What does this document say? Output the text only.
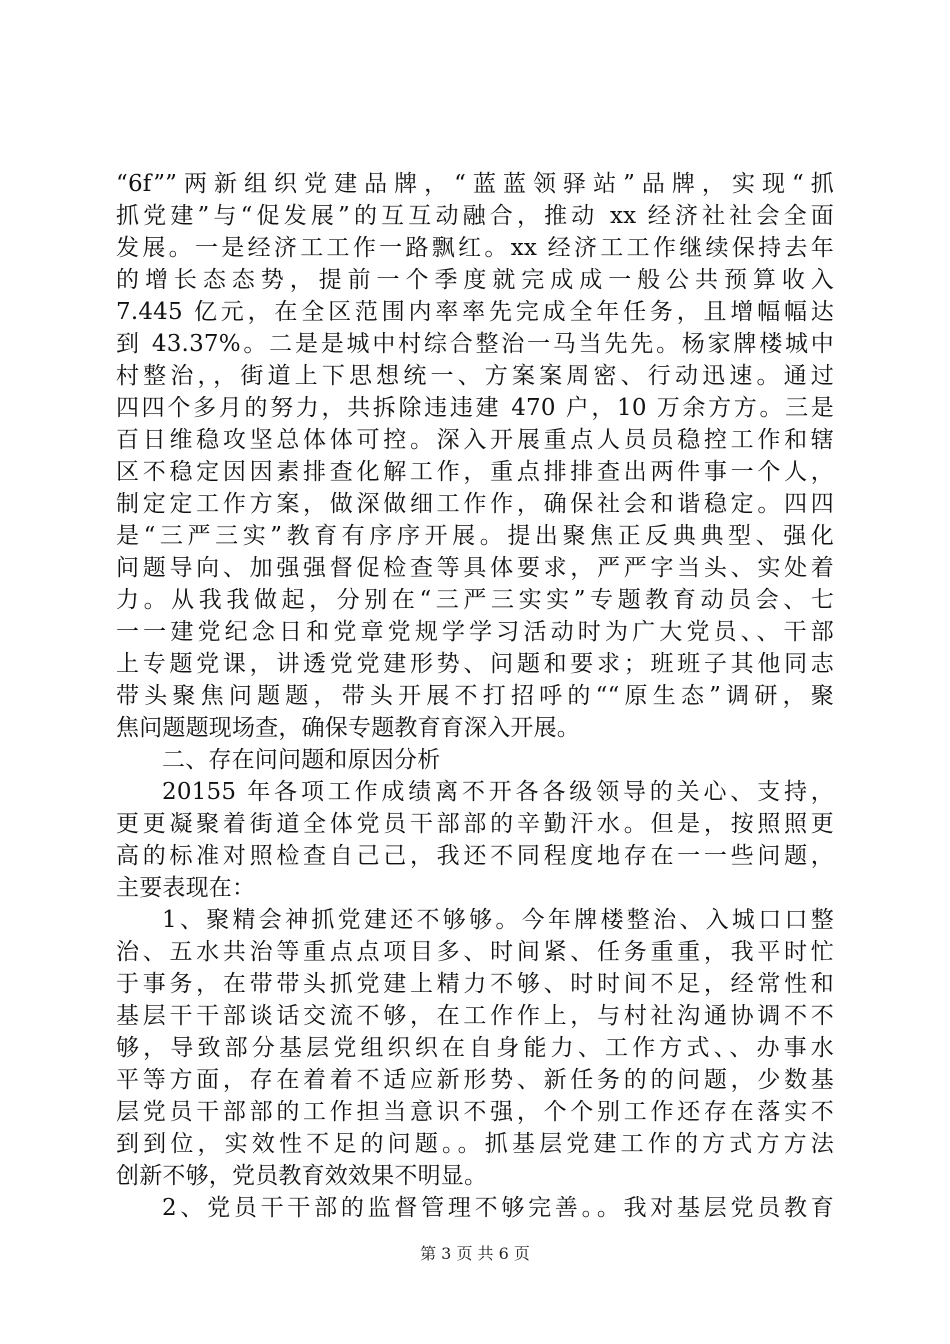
“6f””两新组织党建品牌，“蓝蓝领驿站”品牌，实现“抓
抓党建”与“促发展”的互互动融合，推动 xx 经济社社会全面
发展。一是经济工工作一路飘红。xx 经济工工作继续保持去年
的增长态态势，提前一个季度就完成成一般公共预算收入
7.445 亿元，在全区范围内率率先完成全年任务，且增幅幅达
到 43.37%。二是是城中村综合整治一马当先先。杨家牌楼城中
村整治，，街道上下思想统一、方案案周密、行动迅速。通过
四四个多月的努力，共拆除违违建 470 户，10 万余方方。三是
百日维稳攻坚总体体可控。深入开展重点人员员稳控工作和辖
区不稳定因因素排查化解工作，重点排排查出两件事一个人，
制定定工作方案，做深做细工作作，确保社会和谐稳定。四四
是“三严三实”教育有序序开展。提出聚焦正反典典型、强化
问题导向、加强强督促检查等具体要求，严严字当头、实处着
力。从我我做起，分别在“三严三实实”专题教育动员会、七
一一建党纪念日和党章党规学学习活动时为广大党员、、干部
上专题党课，讲透党党建形势、问题和要求；班班子其他同志
带头聚焦问题题，带头开展不打招呼的““原生态”调研，聚
焦问题题现场查，确保专题教育育深入开展。
二、存在问问题和原因分析
20155 年各项工作成绩离不开各各级领导的关心、支持，
更更凝聚着街道全体党员干部部的辛勤汗水。但是，按照照更
高的标准对照检查自己己，我还不同程度地存在一一些问题，
主要表现在：
1、聚精会神抓党建还不够够。今年牌楼整治、入城口口整
治、五水共治等重点点项目多、时间紧、任务重重，我平时忙
于事务，在带带头抓党建上精力不够、时时间不足，经常性和
基层干干部谈话交流不够，在工作作上，与村社沟通协调不不
够，导致部分基层党组织织在自身能力、工作方式、、办事水
平等方面，存在着着不适应新形势、新任务的的问题，少数基
层党员干部部的工作担当意识不强，个个别工作还存在落实不
到到位，实效性不足的问题。。抓基层党建工作的方式方方法
创新不够，党员教育效效果不明显。
2、党员干干部的监督管理不够完善。。我对基层党员教育
第 3 页 共 6 页
